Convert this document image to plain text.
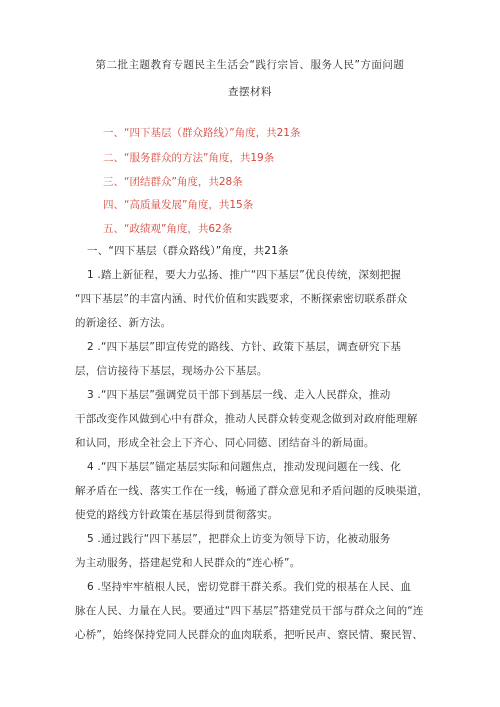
第二批主题教育专题民主生活会“践行宗旨、服务人民”方面问题
查摆材料
一、“四下基层（群众路线）”角度，共21条
二、“服务群众的方法”角度，共19条
三、“团结群众”角度，共28条
四、“高质量发展”角度，共15条
五、“政绩观”角度，共62条
一、“四下基层（群众路线）”角度，共21条
1 .踏上新征程，要大力弘扬、推广“四下基层”优良传统，深刻把握
“四下基层”的丰富内涵、时代价值和实践要求，不断探索密切联系群众
的新途径、新方法。
2 .“四下基层”即宣传党的路线、方针、政策下基层，调查研究下基
层，信访接待下基层，现场办公下基层。
3 .“四下基层”强调党员干部下到基层一线、走入人民群众，推动
干部改变作风做到心中有群众，推动人民群众转变观念做到对政府能理解
和认同，形成全社会上下齐心、同心同德、团结奋斗的新局面。
4 .“四下基层”锚定基层实际和问题焦点，推动发现问题在一线、化
解矛盾在一线、落实工作在一线，畅通了群众意见和矛盾问题的反映渠道，
使党的路线方针政策在基层得到贯彻落实。
5 .通过践行“四下基层”，把群众上访变为领导下访，化被动服务
为主动服务，搭建起党和人民群众的“连心桥”。
6 .坚持牢牢植根人民，密切党群干群关系。我们党的根基在人民、血
脉在人民、力量在人民。要通过“四下基层”搭建党员干部与群众之间的“连
心桥”，始终保持党同人民群众的血肉联系，把听民声、察民情、聚民智、
